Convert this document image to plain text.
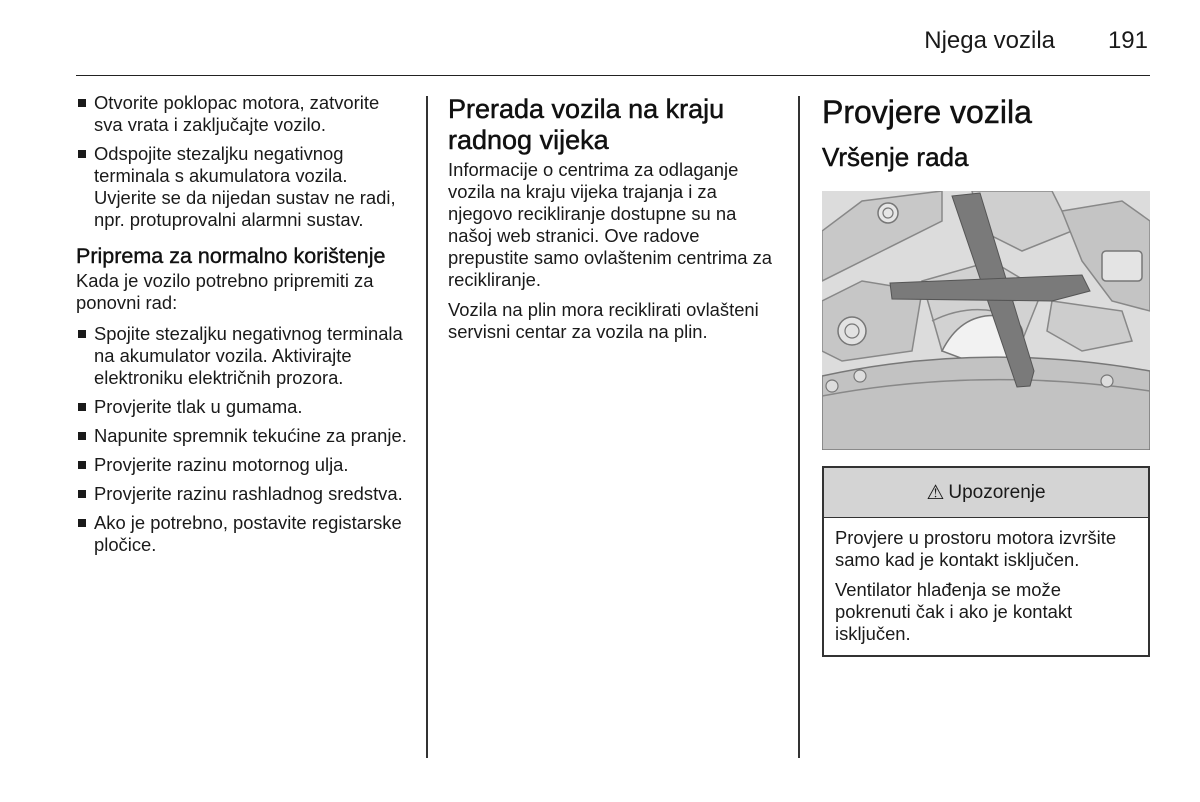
Njega vozila 191
Otvorite poklopac motora, zatvorite sva vrata i zaključajte vozilo.
Odspojite stezaljku negativnog terminala s akumulatora vozila. Uvjerite se da nijedan sustav ne radi, npr. protuprovalni alarmni sustav.
Priprema za normalno korištenje
Kada je vozilo potrebno pripremiti za ponovni rad:
Spojite stezaljku negativnog terminala na akumulator vozila. Aktivirajte elektroniku električnih prozora.
Provjerite tlak u gumama.
Napunite spremnik tekućine za pranje.
Provjerite razinu motornog ulja.
Provjerite razinu rashladnog sredstva.
Ako je potrebno, postavite registarske pločice.
Prerada vozila na kraju radnog vijeka
Informacije o centrima za odlaganje vozila na kraju vijeka trajanja i za njegovo recikliranje dostupne su na našoj web stranici. Ove radove prepustite samo ovlaštenim centrima za recikliranje.
Vozila na plin mora reciklirati ovlašteni servisni centar za vozila na plin.
Provjere vozila
Vršenje rada
⚠ Upozorenje
Provjere u prostoru motora izvršite samo kad je kontakt isključen.
Ventilator hlađenja se može pokrenuti čak i ako je kontakt isključen.
